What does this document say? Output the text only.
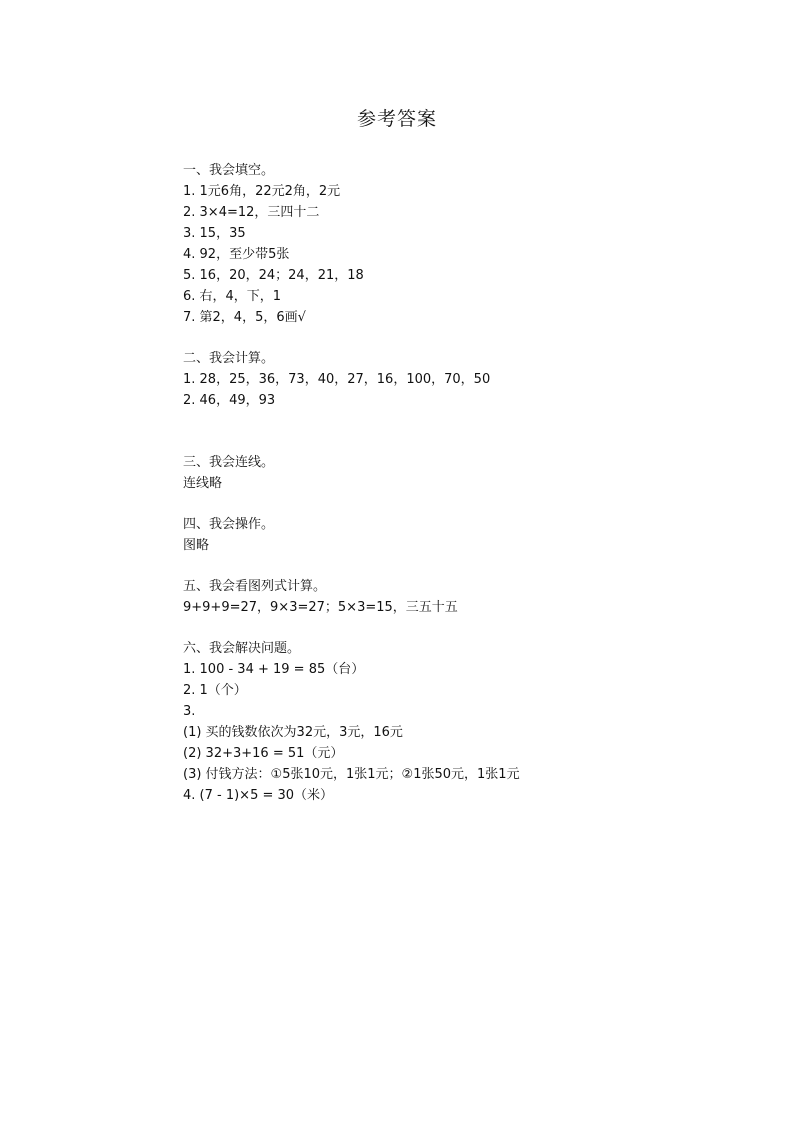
参考答案
一、我会填空。
1. 1元6角，22元2角，2元
2. 3×4=12，三四十二
3. 15，35
4. 92，至少带5张
5. 16，20，24；24，21，18
6. 右，4，下，1
7. 第2，4，5，6画√
二、我会计算。
1. 28，25，36，73，40，27，16，100，70，50
2. 46，49，93
三、我会连线。
连线略
四、我会操作。
图略
五、我会看图列式计算。
9+9+9=27，9×3=27；5×3=15，三五十五
六、我会解决问题。
1. 100 - 34 + 19 = 85（台）
2. 1（个）
3.
(1) 买的钱数依次为32元，3元，16元
(2) 32+3+16 = 51（元）
(3) 付钱方法：①5张10元，1张1元；②1张50元，1张1元
4. (7 - 1)×5 = 30（米）
